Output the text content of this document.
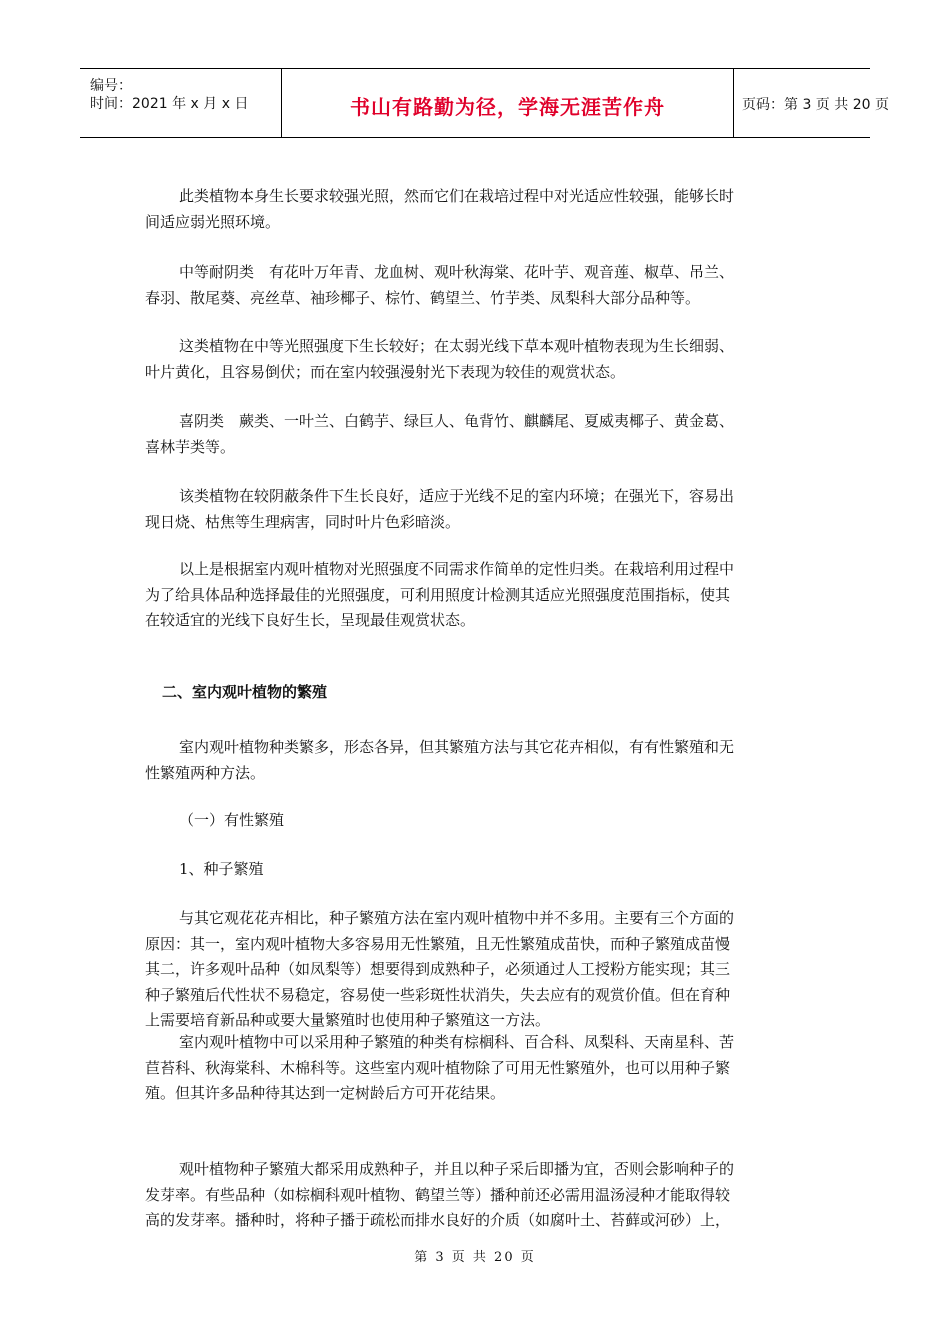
编号：
时间：2021 年 x 月 x 日	书山有路勤为径，学海无涯苦作舟	页码：第 3 页 共 20 页
此类植物本身生长要求较强光照，然而它们在栽培过程中对光适应性较强，能够长时
间适应弱光照环境。
中等耐阴类　有花叶万年青、龙血树、观叶秋海棠、花叶芋、观音莲、椒草、吊兰、
春羽、散尾葵、亮丝草、袖珍椰子、棕竹、鹤望兰、竹芋类、凤梨科大部分品种等。
这类植物在中等光照强度下生长较好；在太弱光线下草本观叶植物表现为生长细弱、
叶片黄化，且容易倒伏；而在室内较强漫射光下表现为较佳的观赏状态。
喜阴类　蕨类、一叶兰、白鹤芋、绿巨人、龟背竹、麒麟尾、夏威夷椰子、黄金葛、
喜林芋类等。
该类植物在较阴蔽条件下生长良好，适应于光线不足的室内环境；在强光下，容易出
现日烧、枯焦等生理病害，同时叶片色彩暗淡。
以上是根据室内观叶植物对光照强度不同需求作简单的定性归类。在栽培利用过程中
为了给具体品种选择最佳的光照强度，可利用照度计检测其适应光照强度范围指标，使其
在较适宜的光线下良好生长，呈现最佳观赏状态。
二、室内观叶植物的繁殖
室内观叶植物种类繁多，形态各异，但其繁殖方法与其它花卉相似，有有性繁殖和无
性繁殖两种方法。
（一）有性繁殖
1、种子繁殖
与其它观花花卉相比，种子繁殖方法在室内观叶植物中并不多用。主要有三个方面的
原因：其一，室内观叶植物大多容易用无性繁殖，且无性繁殖成苗快，而种子繁殖成苗慢
其二，许多观叶品种（如凤梨等）想要得到成熟种子，必须通过人工授粉方能实现；其三
种子繁殖后代性状不易稳定，容易使一些彩斑性状消失，失去应有的观赏价值。但在育种
上需要培育新品种或要大量繁殖时也使用种子繁殖这一方法。
室内观叶植物中可以采用种子繁殖的种类有棕榈科、百合科、凤梨科、天南星科、苦
苣苔科、秋海棠科、木棉科等。这些室内观叶植物除了可用无性繁殖外，也可以用种子繁
殖。但其许多品种待其达到一定树龄后方可开花结果。
观叶植物种子繁殖大都采用成熟种子，并且以种子采后即播为宜，否则会影响种子的
发芽率。有些品种（如棕榈科观叶植物、鹤望兰等）播种前还必需用温汤浸种才能取得较
高的发芽率。播种时，将种子播于疏松而排水良好的介质（如腐叶土、苔藓或河砂）上，
第 3 页 共 20 页
